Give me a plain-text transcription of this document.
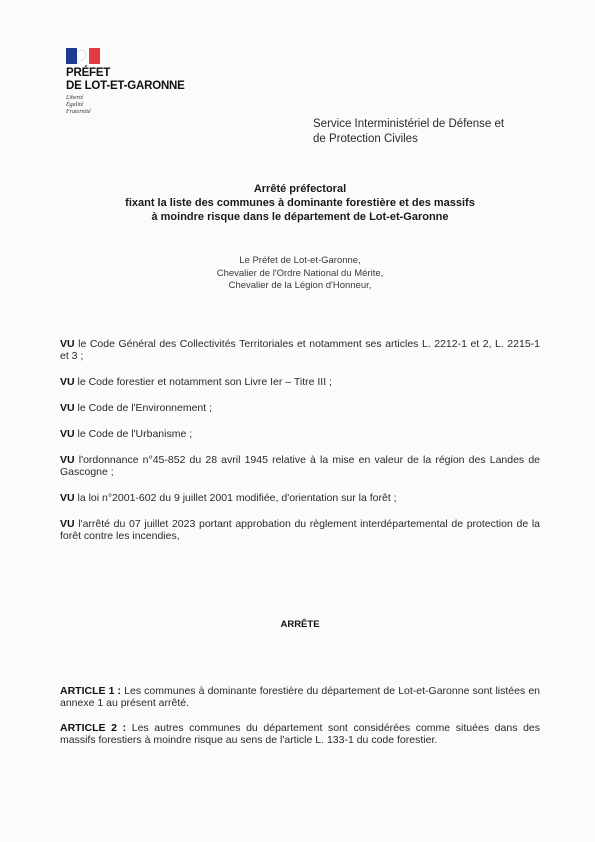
PRÉFET
DE LOT-ET-GARONNE
Liberté
Égalité
Fraternité
Service Interministériel de Défense et
de Protection Civiles
Arrêté préfectoral
fixant la liste des communes à dominante forestière et des massifs
à moindre risque dans le département de Lot-et-Garonne
Le Préfet de Lot-et-Garonne,
Chevalier de l'Ordre National du Mérite,
Chevalier de la Légion d'Honneur,

VU le Code Général des Collectivités Territoriales et notamment ses articles L. 2212-1 et 2, L. 2215-1 et 3 ;

VU le Code forestier et notamment son Livre Ier – Titre III ;

VU le Code de l'Environnement ;

VU le Code de l'Urbanisme ;

VU l'ordonnance n°45-852 du 28 avril 1945 relative à la mise en valeur de la région des Landes de Gascogne ;

VU la loi n°2001-602 du 9 juillet 2001 modifiée, d'orientation sur la forêt ;

VU l'arrêté du 07 juillet 2023 portant approbation du règlement interdépartemental de protection de la forêt contre les incendies,

ARRÊTE

ARTICLE 1 : Les communes à dominante forestière du département de Lot-et-Garonne sont listées en annexe 1 au présent arrêté.

ARTICLE 2 : Les autres communes du département sont considérées comme situées dans des massifs forestiers à moindre risque au sens de l'article L. 133-1 du code forestier.
